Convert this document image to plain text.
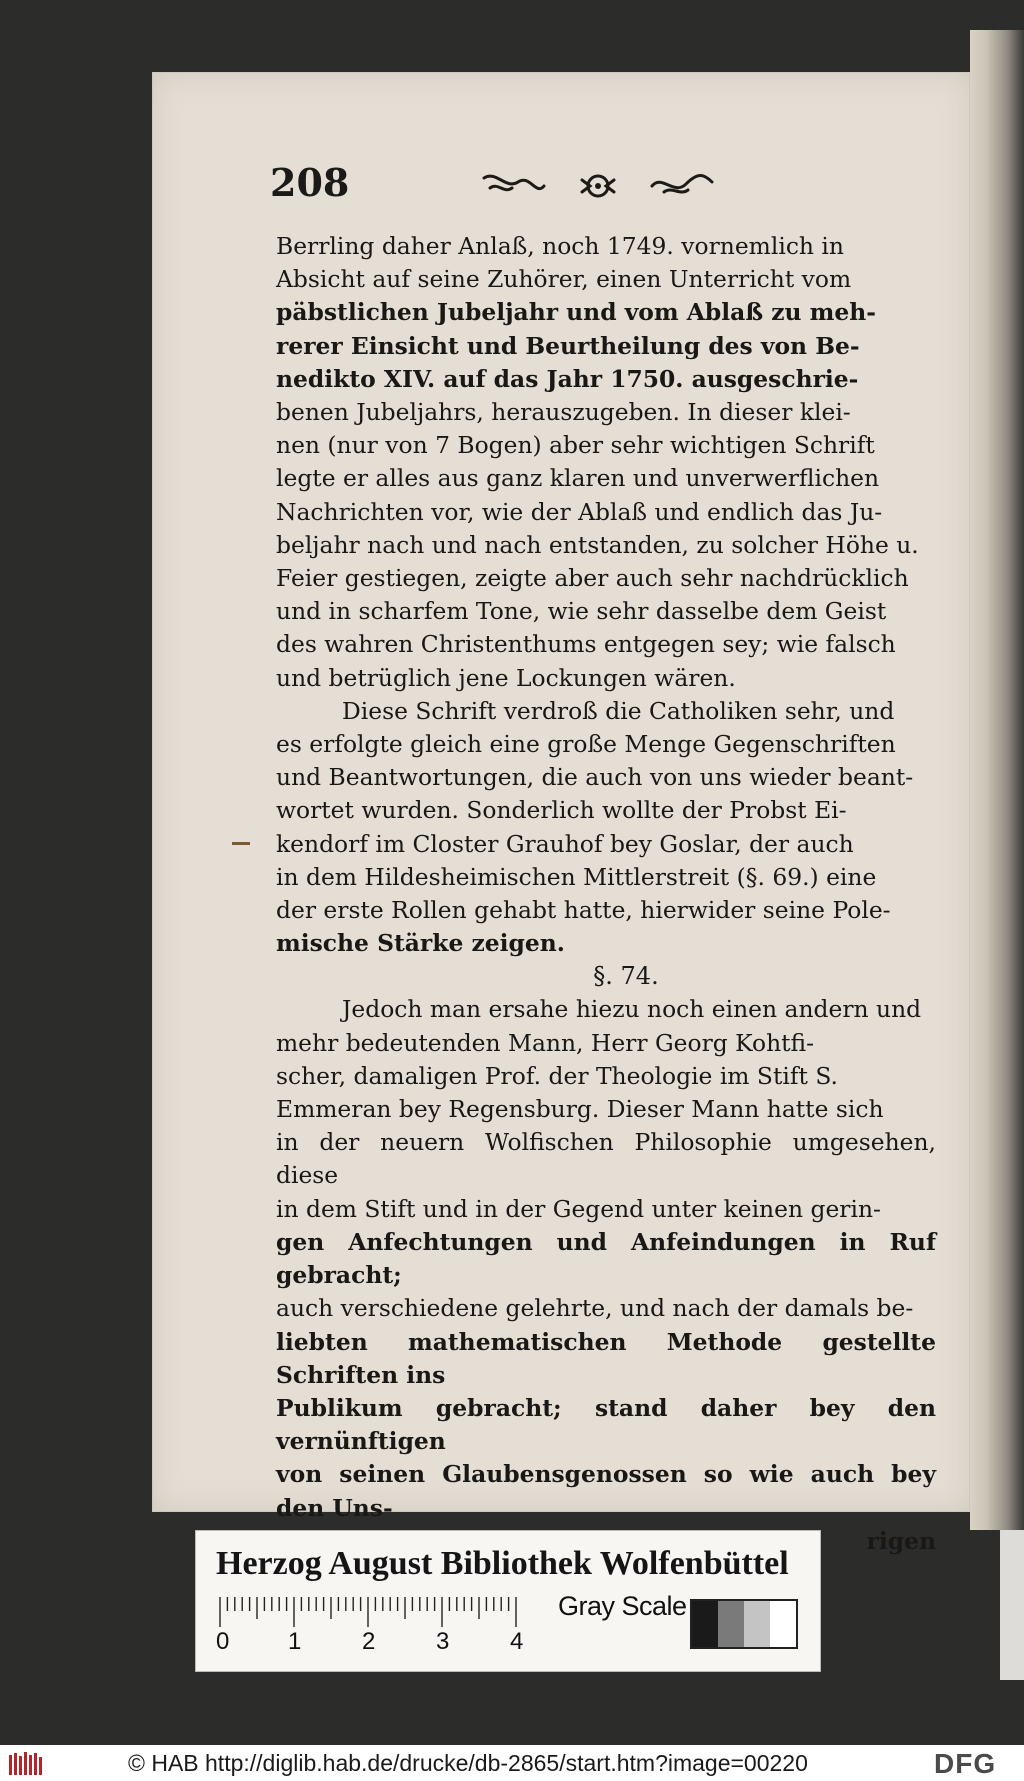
208

Berrling daher Anlaß, noch 1749. vornemlich in
Absicht auf seine Zuhörer, einen Unterricht vom
päbstlichen Jubeljahr und vom Ablaß zu meh-
rerer Einsicht und Beurtheilung des von Be-
nedikto XIV. auf das Jahr 1750. ausgeschrie-
benen Jubeljahrs, herauszugeben. In dieser klei-
nen (nur von 7 Bogen) aber sehr wichtigen Schrift
legte er alles aus ganz klaren und unverwerflichen
Nachrichten vor, wie der Ablaß und endlich das Ju-
beljahr nach und nach entstanden, zu solcher Höhe u.
Feier gestiegen, zeigte aber auch sehr nachdrücklich
und in scharfem Tone, wie sehr dasselbe dem Geist
des wahren Christenthums entgegen sey; wie falsch
und betrüglich jene Lockungen wären.

Diese Schrift verdroß die Catholiken sehr, und
es erfolgte gleich eine große Menge Gegenschriften
und Beantwortungen, die auch von uns wieder beant-
wortet wurden. Sonderlich wollte der Probst Ei-
kendorf im Closter Grauhof bey Goslar, der auch
in dem Hildesheimischen Mittlerstreit (§. 69.) eine
der erste Rollen gehabt hatte, hierwider seine Pole-
mische Stärke zeigen.

§. 74.

Jedoch man ersahe hiezu noch einen andern und
mehr bedeutenden Mann, Herr Georg Kohtfi-
scher, damaligen Prof. der Theologie im Stift S.
Emmeran bey Regensburg. Dieser Mann hatte sich
in der neuern Wolfischen Philosophie umgesehen, diese
in dem Stift und in der Gegend unter keinen gerin-
gen Anfechtungen und Anfeindungen in Ruf gebracht;
auch verschiedene gelehrte, und nach der damals be-
liebten mathematischen Methode gestellte Schriften ins
Publikum gebracht; stand daher bey den vernünftigen
von seinen Glaubensgenossen so wie auch bey den Uns-

rigen

Herzog August Bibliothek Wolfenbüttel
0 1	2	3	4
Gray Scale
© HAB http://diglib.hab.de/drucke/db-2865/start.htm?image=00220	DFG
